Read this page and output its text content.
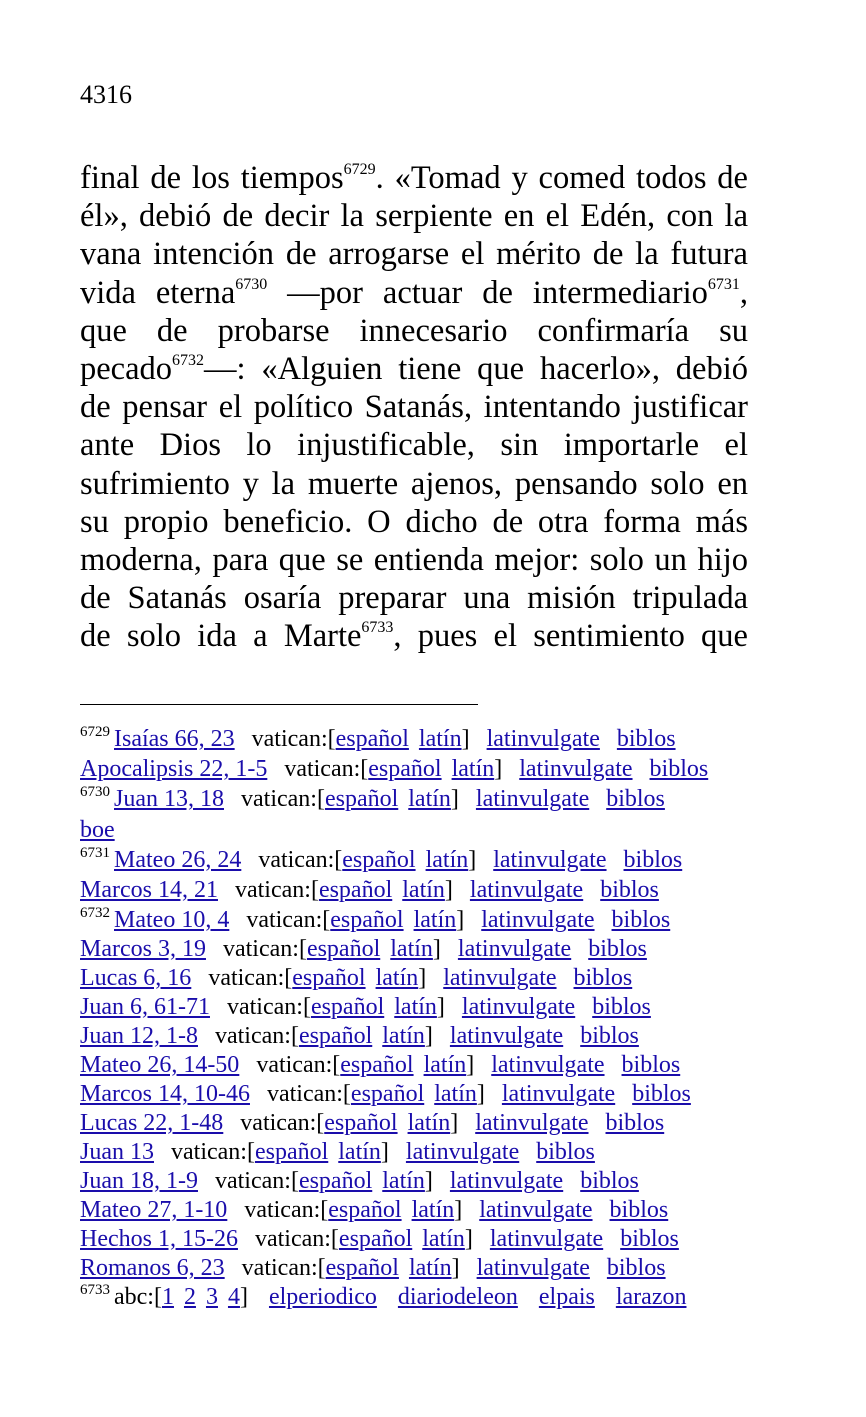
4316
final de los tiempos$^{6729}$. «Tomad y comed todos de
él», debió de decir la serpiente en el Edén, con la
vana intención de arrogarse el mérito de la futura
vida eterna$^{6730}$ —por actuar de intermediario$^{6731}$,
que de probarse innecesario confirmaría su
pecado$^{6732}$—: «Alguien tiene que hacerlo», debió
de pensar el político Satanás, intentando justificar
ante Dios lo injustificable, sin importarle el
sufrimiento y la muerte ajenos, pensando solo en
su propio beneficio. O dicho de otra forma más
moderna, para que se entienda mejor: solo un hijo
de Satanás osaría preparar una misión tripulada
de solo ida a Marte$^{6733}$, pues el sentimiento que
$^{6729}$ Isaías 66, 23 vatican:[español latín] latinvulgate biblos
Apocalipsis 22, 1-5 vatican:[español latín] latinvulgate biblos
$^{6730}$ Juan 13, 18 vatican:[español latín] latinvulgate biblos
boe
$^{6731}$ Mateo 26, 24 vatican:[español latín] latinvulgate biblos
Marcos 14, 21 vatican:[español latín] latinvulgate biblos
$^{6732}$ Mateo 10, 4 vatican:[español latín] latinvulgate biblos
Marcos 3, 19 vatican:[español latín] latinvulgate biblos
Lucas 6, 16 vatican:[español latín] latinvulgate biblos
Juan 6, 61-71 vatican:[español latín] latinvulgate biblos
Juan 12, 1-8 vatican:[español latín] latinvulgate biblos
Mateo 26, 14-50 vatican:[español latín] latinvulgate biblos
Marcos 14, 10-46 vatican:[español latín] latinvulgate biblos
Lucas 22, 1-48 vatican:[español latín] latinvulgate biblos
Juan 13 vatican:[español latín] latinvulgate biblos
Juan 18, 1-9 vatican:[español latín] latinvulgate biblos
Mateo 27, 1-10 vatican:[español latín] latinvulgate biblos
Hechos 1, 15-26 vatican:[español latín] latinvulgate biblos
Romanos 6, 23 vatican:[español latín] latinvulgate biblos
$^{6733}$ abc:[1 2 3 4] elperiodico diariodeleon elpais larazon
